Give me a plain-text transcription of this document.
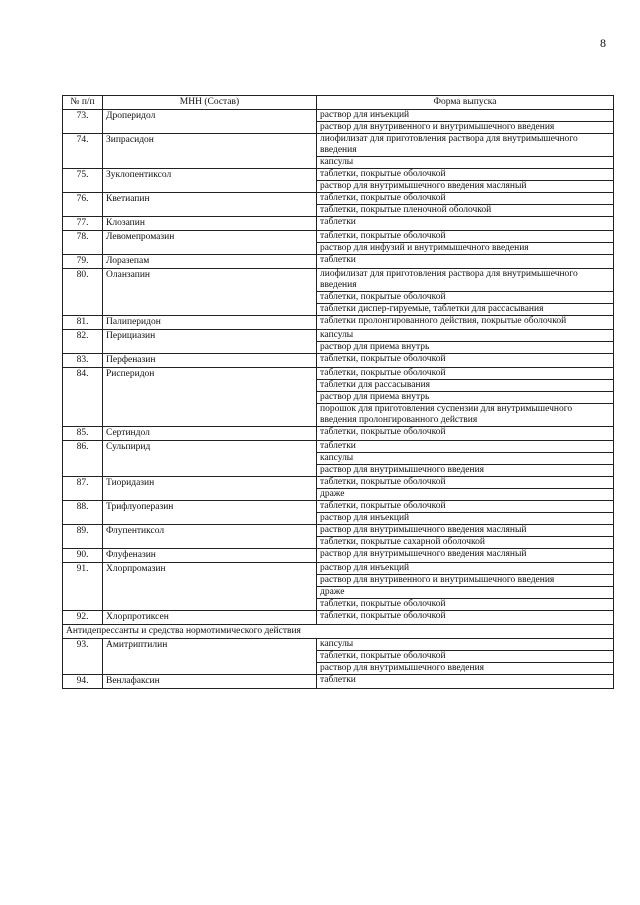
8
№ п/п	МНН (Состав)	Форма выпуска
73.	Дроперидол	раствор для инъекций
раствор для внутривенного и внутримышечного введения

74.	Зипрасидон	лиофилизат для приготовления раствора для внутримышечного введения
капсулы

75.	Зуклопентиксол	таблетки, покрытые оболочкой
раствор для внутримышечного введения масляный

76.	Кветиапин	таблетки, покрытые оболочкой
таблетки, покрытые пленочной оболочкой

77.	Клозапин	таблетки

78.	Левомепромазин	таблетки, покрытые оболочкой
раствор для инфузий и внутримышечного введения

79.	Лоразепам	таблетки

80.	Оланзапин	лиофилизат для приготовления раствора для внутримышечного введения
таблетки, покрытые оболочкой
таблетки диспер-гируемые, таблетки для рассасывания

81.	Палиперидон	таблетки пролонгированного действия, покрытые оболочкой

82.	Перициазин	капсулы
раствор для приема внутрь

83.	Перфеназин	таблетки, покрытые оболочкой

84.	Рисперидон	таблетки, покрытые оболочкой
таблетки для рассасывания
раствор для приема внутрь
порошок для приготовления суспензии для внутримышечного введения пролонгированного действия

85.	Сертиндол	таблетки, покрытые оболочкой

86.	Сульпирид	таблетки
капсулы
раствор для внутримышечного введения

87.	Тиоридазин	таблетки, покрытые оболочкой
драже

88.	Трифлуоперазин	таблетки, покрытые оболочкой
раствор для инъекций

89.	Флупентиксол	раствор для внутримышечного введения масляный
таблетки, покрытые сахарной оболочкой

90.	Флуфеназин	раствор для внутримышечного введения масляный

91.	Хлорпромазин	раствор для инъекций
раствор для внутривенного и внутримышечного введения
драже
таблетки, покрытые оболочкой

92.	Хлорпротиксен	таблетки, покрытые оболочкой

Антидепрессанты и средства нормотимического действия		
93.	Амитриптилин	капсулы
таблетки, покрытые оболочкой
раствор для внутримышечного введения

94.	Венлафаксин	таблетки
